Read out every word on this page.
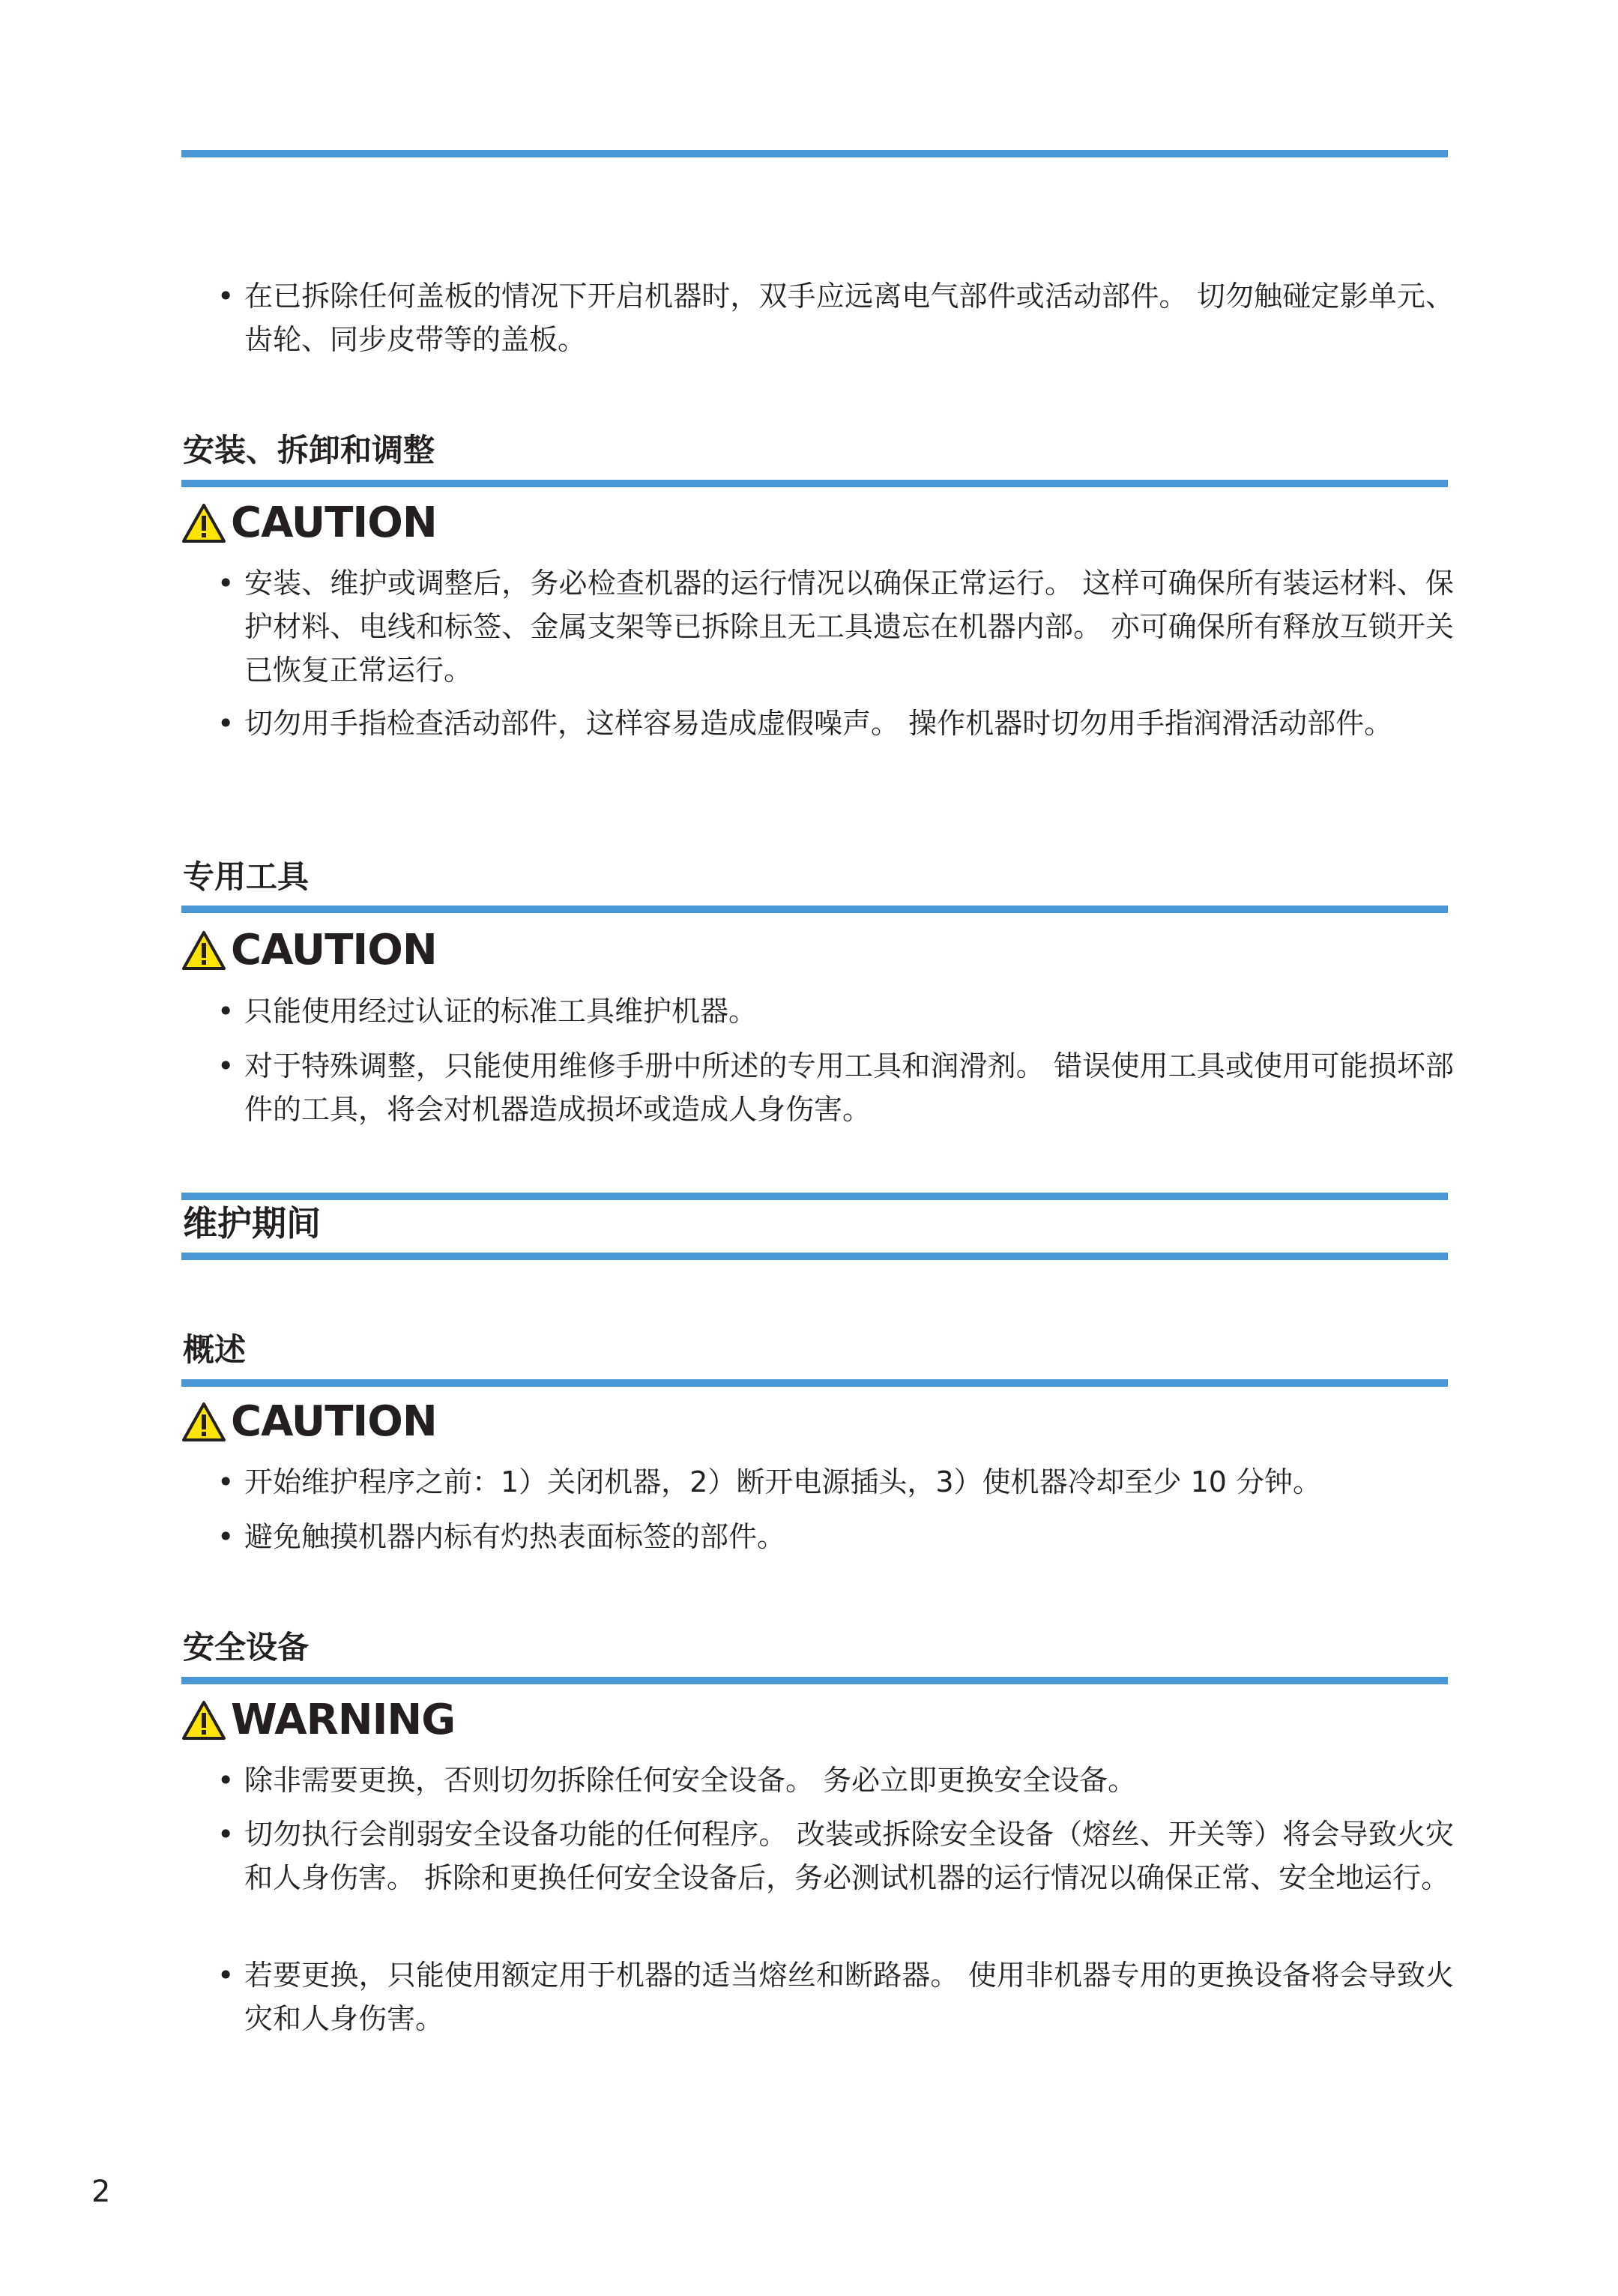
• 在已拆除任何盖板的情况下开启机器时，双手应远离电气部件或活动部件。 切勿触碰定影单元、齿轮、同步皮带等的盖板。
安装、拆卸和调整
CAUTION
• 安装、维护或调整后，务必检查机器的运行情况以确保正常运行。 这样可确保所有装运材料、保护材料、电线和标签、金属支架等已拆除且无工具遗忘在机器内部。 亦可确保所有释放互锁开关已恢复正常运行。
• 切勿用手指检查活动部件，这样容易造成虚假噪声。 操作机器时切勿用手指润滑活动部件。
专用工具
CAUTION
• 只能使用经过认证的标准工具维护机器。
• 对于特殊调整，只能使用维修手册中所述的专用工具和润滑剂。 错误使用工具或使用可能损坏部件的工具，将会对机器造成损坏或造成人身伤害。
维护期间
概述
CAUTION
• 开始维护程序之前：1）关闭机器，2）断开电源插头，3）使机器冷却至少 10 分钟。
• 避免触摸机器内标有灼热表面标签的部件。
安全设备
WARNING
• 除非需要更换，否则切勿拆除任何安全设备。 务必立即更换安全设备。
• 切勿执行会削弱安全设备功能的任何程序。 改装或拆除安全设备（熔丝、开关等）将会导致火灾和人身伤害。 拆除和更换任何安全设备后，务必测试机器的运行情况以确保正常、安全地运行。
• 若要更换，只能使用额定用于机器的适当熔丝和断路器。 使用非机器专用的更换设备将会导致火灾和人身伤害。
2
